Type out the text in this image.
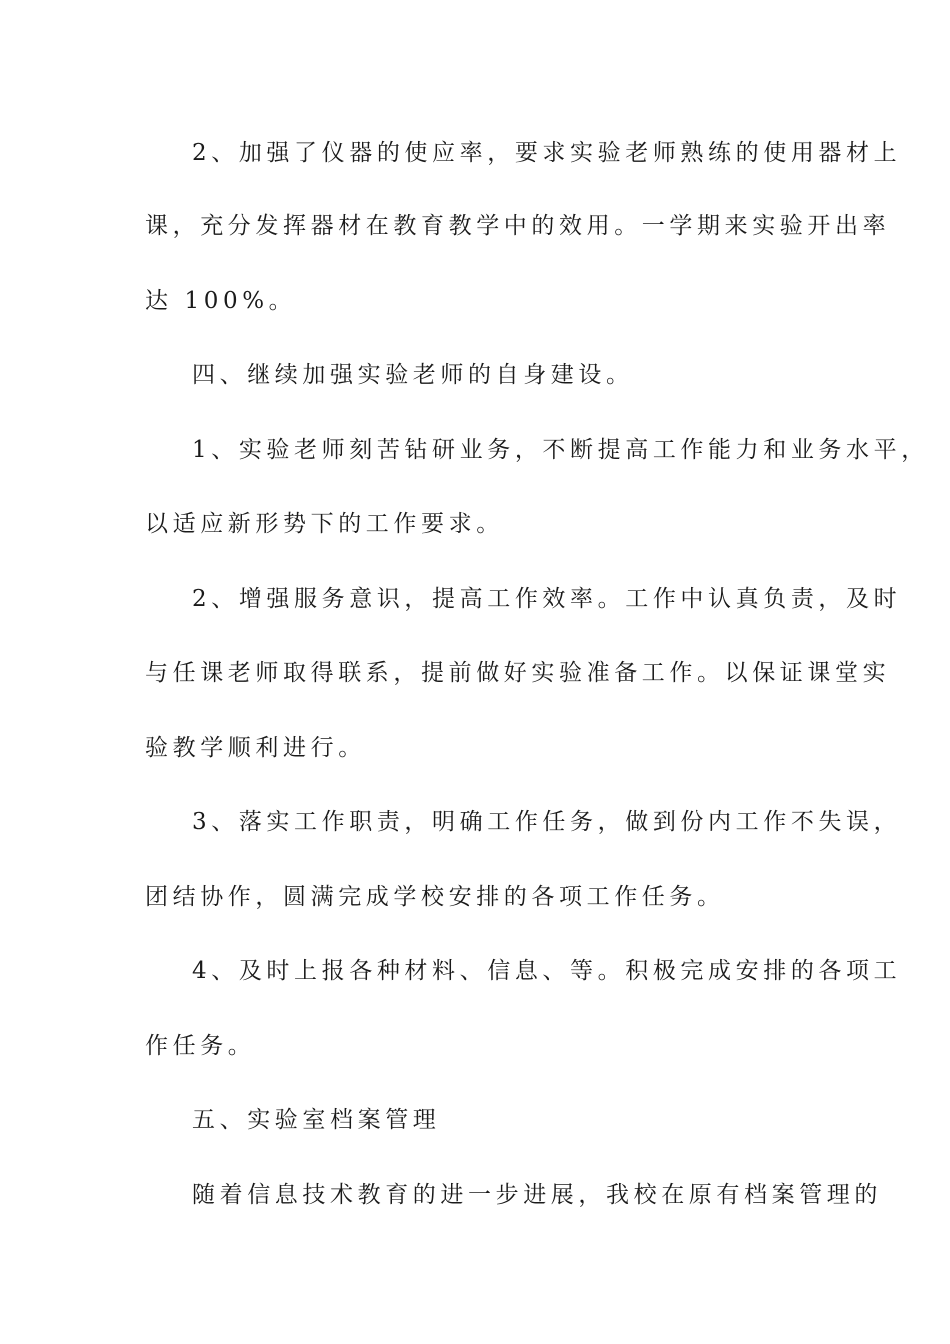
2、加强了仪器的使应率，要求实验老师熟练的使用器材上
课，充分发挥器材在教育教学中的效用。一学期来实验开出率
达 100%。
四、继续加强实验老师的自身建设。
1、实验老师刻苦钻研业务，不断提高工作能力和业务水平，
以适应新形势下的工作要求。
2、增强服务意识，提高工作效率。工作中认真负责，及时
与任课老师取得联系，提前做好实验准备工作。以保证课堂实
验教学顺利进行。
3、落实工作职责，明确工作任务，做到份内工作不失误，
团结协作，圆满完成学校安排的各项工作任务。
4、及时上报各种材料、信息、等。积极完成安排的各项工
作任务。
五、实验室档案管理
随着信息技术教育的进一步进展，我校在原有档案管理的
